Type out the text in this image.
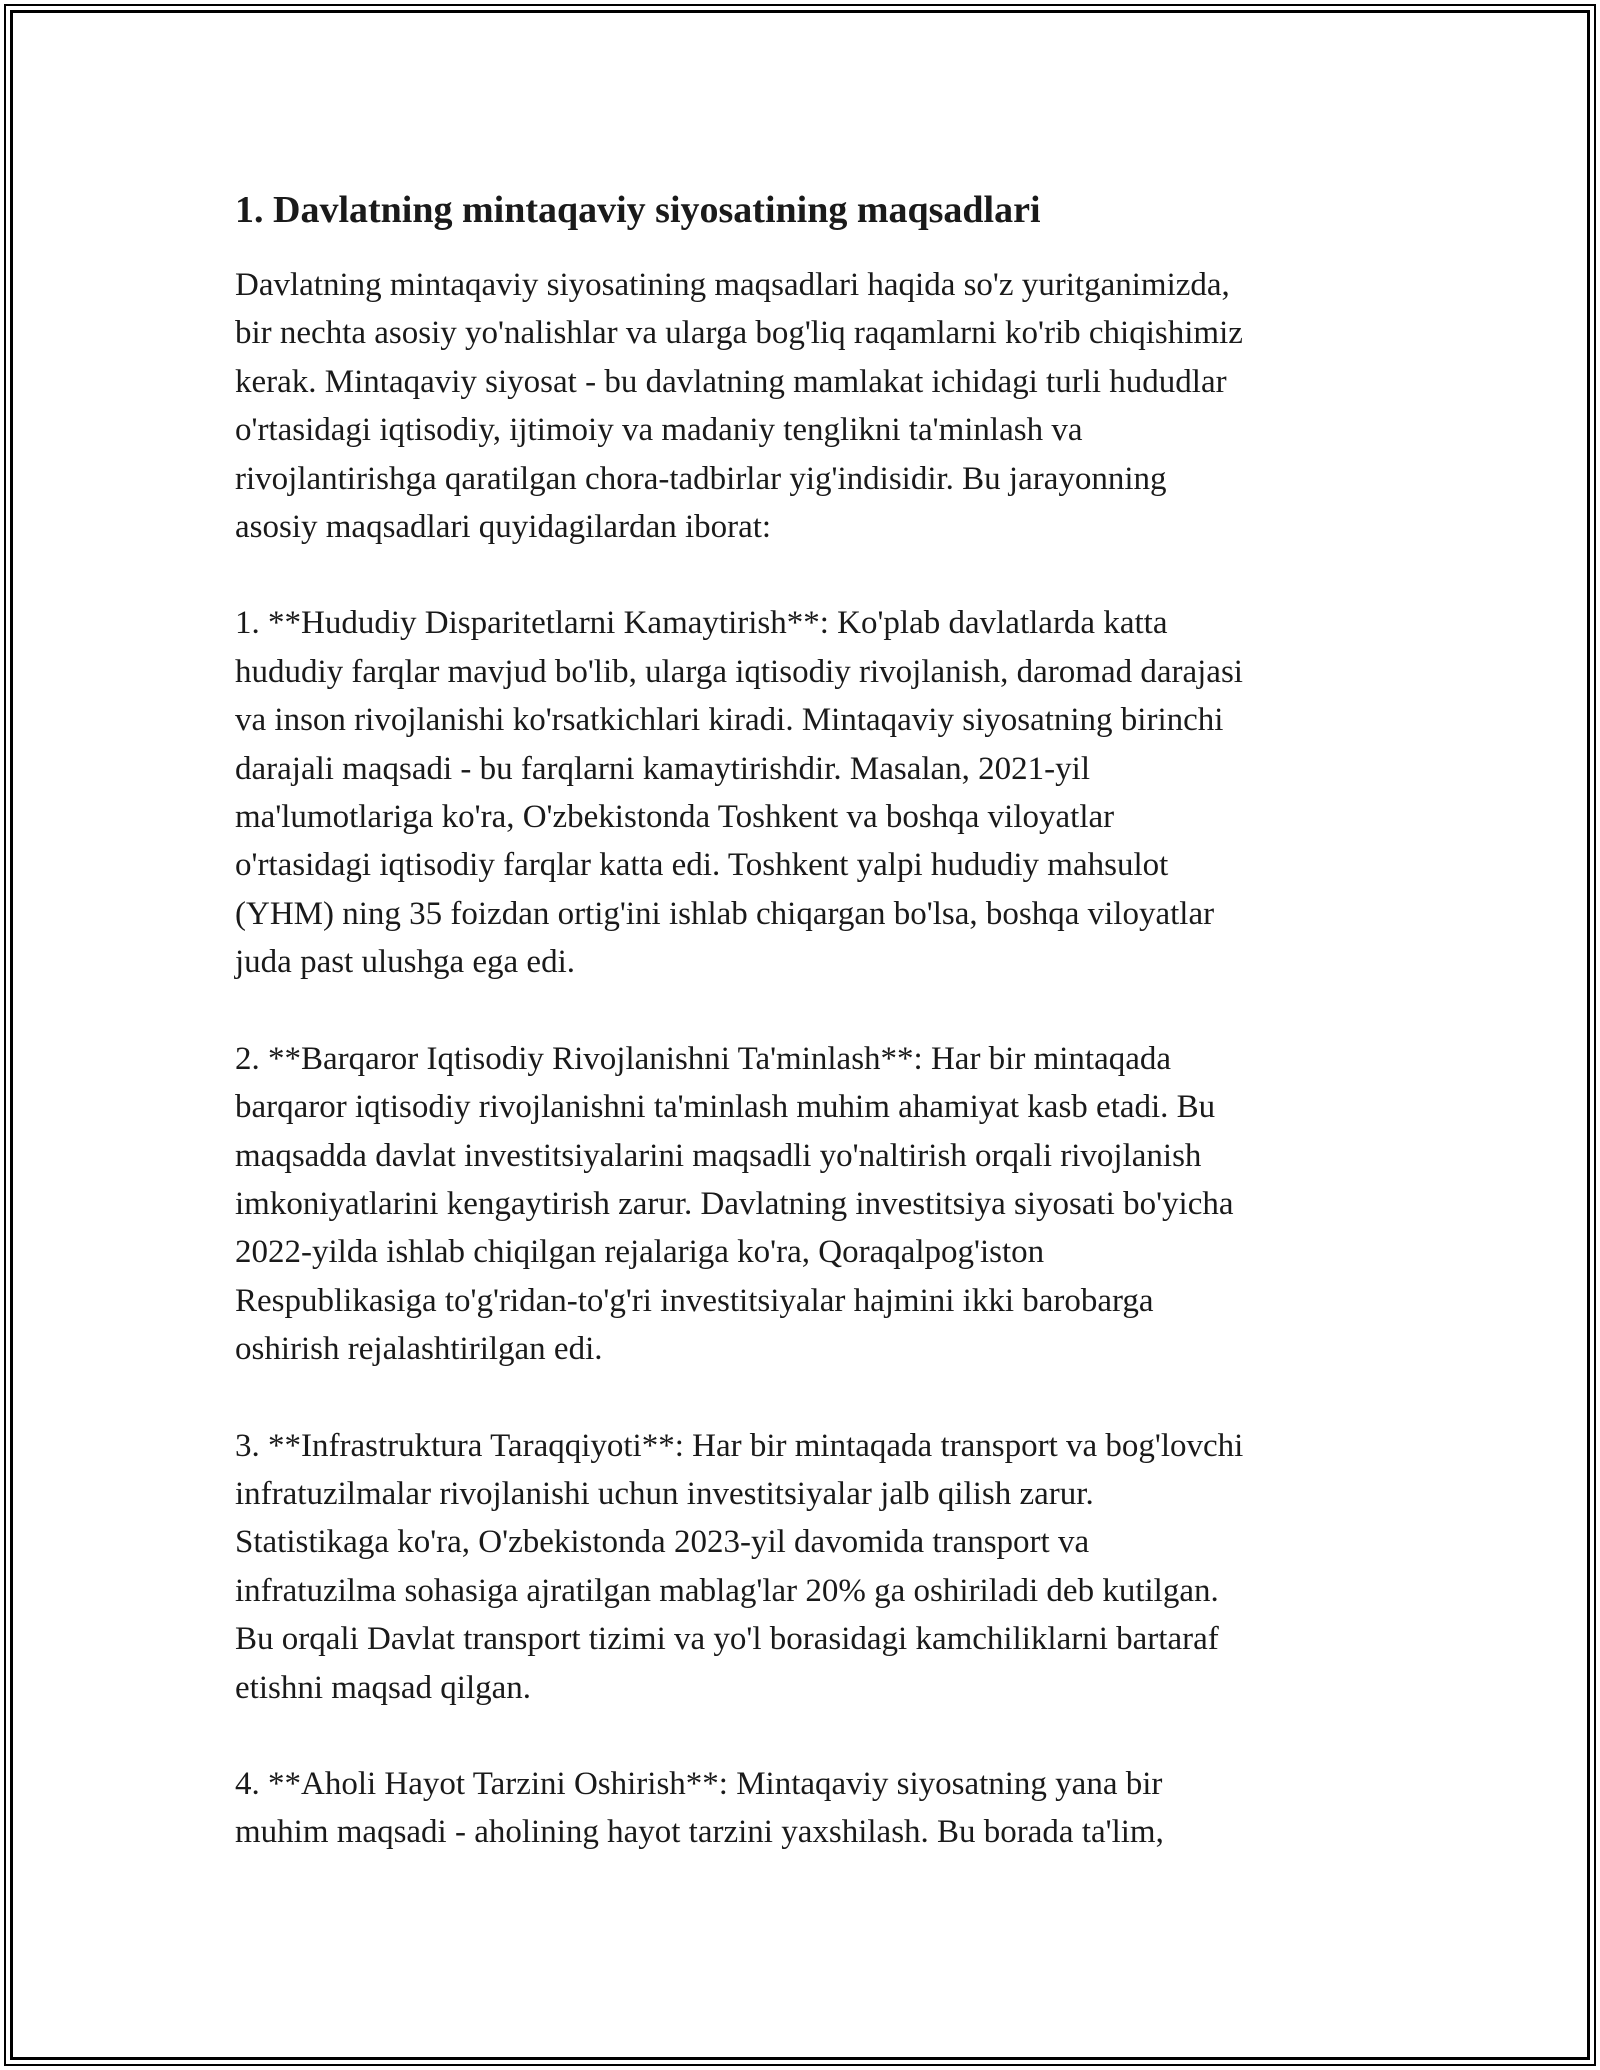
1. Davlatning mintaqaviy siyosatining maqsadlari

Davlatning mintaqaviy siyosatining maqsadlari haqida so'z yuritganimizda,
bir nechta asosiy yo'nalishlar va ularga bog'liq raqamlarni ko'rib chiqishimiz
kerak. Mintaqaviy siyosat - bu davlatning mamlakat ichidagi turli hududlar
o'rtasidagi iqtisodiy, ijtimoiy va madaniy tenglikni ta'minlash va
rivojlantirishga qaratilgan chora-tadbirlar yig'indisidir. Bu jarayonning
asosiy maqsadlari quyidagilardan iborat:

1. **Hududiy Disparitetlarni Kamaytirish**: Ko'plab davlatlarda katta
hududiy farqlar mavjud bo'lib, ularga iqtisodiy rivojlanish, daromad darajasi
va inson rivojlanishi ko'rsatkichlari kiradi. Mintaqaviy siyosatning birinchi
darajali maqsadi - bu farqlarni kamaytirishdir. Masalan, 2021-yil
ma'lumotlariga ko'ra, O'zbekistonda Toshkent va boshqa viloyatlar
o'rtasidagi iqtisodiy farqlar katta edi. Toshkent yalpi hududiy mahsulot
(YHM) ning 35 foizdan ortig'ini ishlab chiqargan bo'lsa, boshqa viloyatlar
juda past ulushga ega edi.

2. **Barqaror Iqtisodiy Rivojlanishni Ta'minlash**: Har bir mintaqada
barqaror iqtisodiy rivojlanishni ta'minlash muhim ahamiyat kasb etadi. Bu
maqsadda davlat investitsiyalarini maqsadli yo'naltirish orqali rivojlanish
imkoniyatlarini kengaytirish zarur. Davlatning investitsiya siyosati bo'yicha
2022-yilda ishlab chiqilgan rejalariga ko'ra, Qoraqalpog'iston
Respublikasiga to'g'ridan-to'g'ri investitsiyalar hajmini ikki barobarga
oshirish rejalashtirilgan edi.

3. **Infrastruktura Taraqqiyoti**: Har bir mintaqada transport va bog'lovchi
infratuzilmalar rivojlanishi uchun investitsiyalar jalb qilish zarur.
Statistikaga ko'ra, O'zbekistonda 2023-yil davomida transport va
infratuzilma sohasiga ajratilgan mablag'lar 20% ga oshiriladi deb kutilgan.
Bu orqali Davlat transport tizimi va yo'l borasidagi kamchiliklarni bartaraf
etishni maqsad qilgan.

4. **Aholi Hayot Tarzini Oshirish**: Mintaqaviy siyosatning yana bir
muhim maqsadi - aholining hayot tarzini yaxshilash. Bu borada ta'lim,
